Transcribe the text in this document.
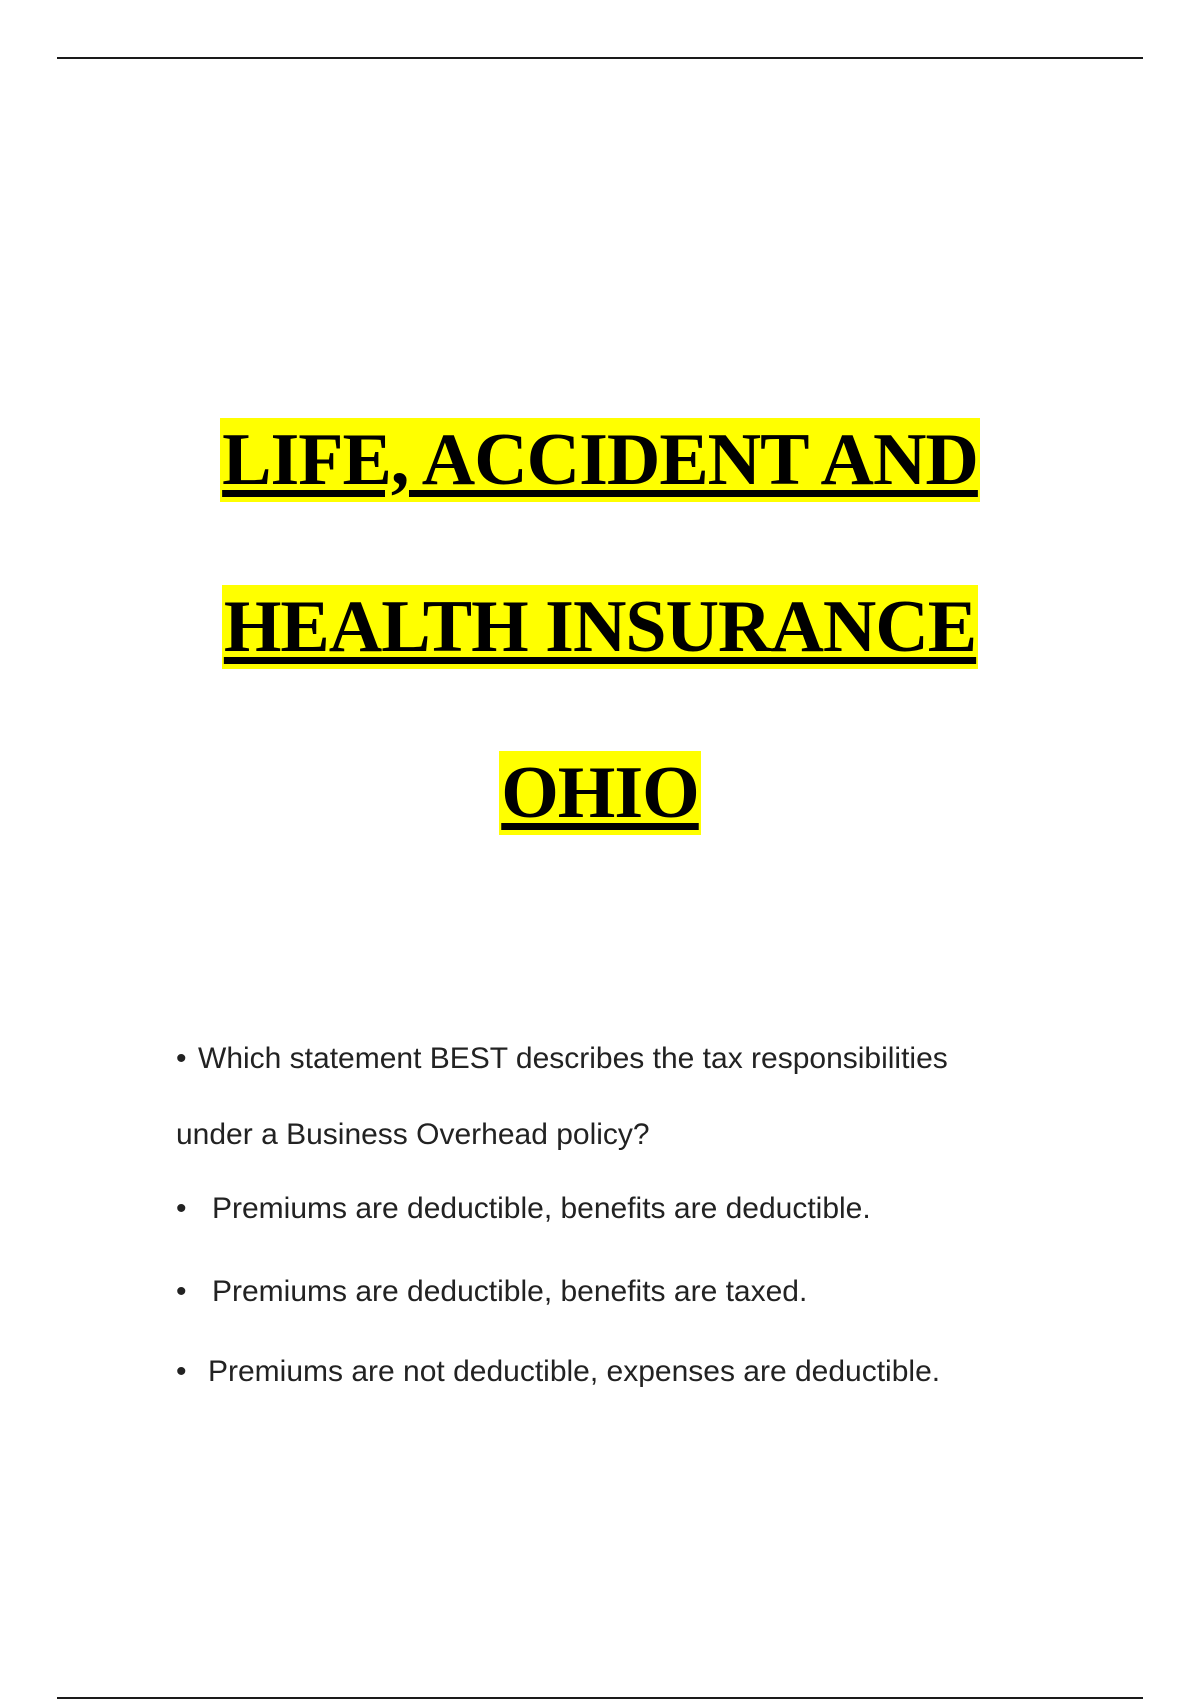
LIFE, ACCIDENT AND
HEALTH INSURANCE
OHIO
• Which statement BEST describes the tax responsibilities
under a Business Overhead policy?
• Premiums are deductible, benefits are deductible.
• Premiums are deductible, benefits are taxed.
• Premiums are not deductible, expenses are deductible.
